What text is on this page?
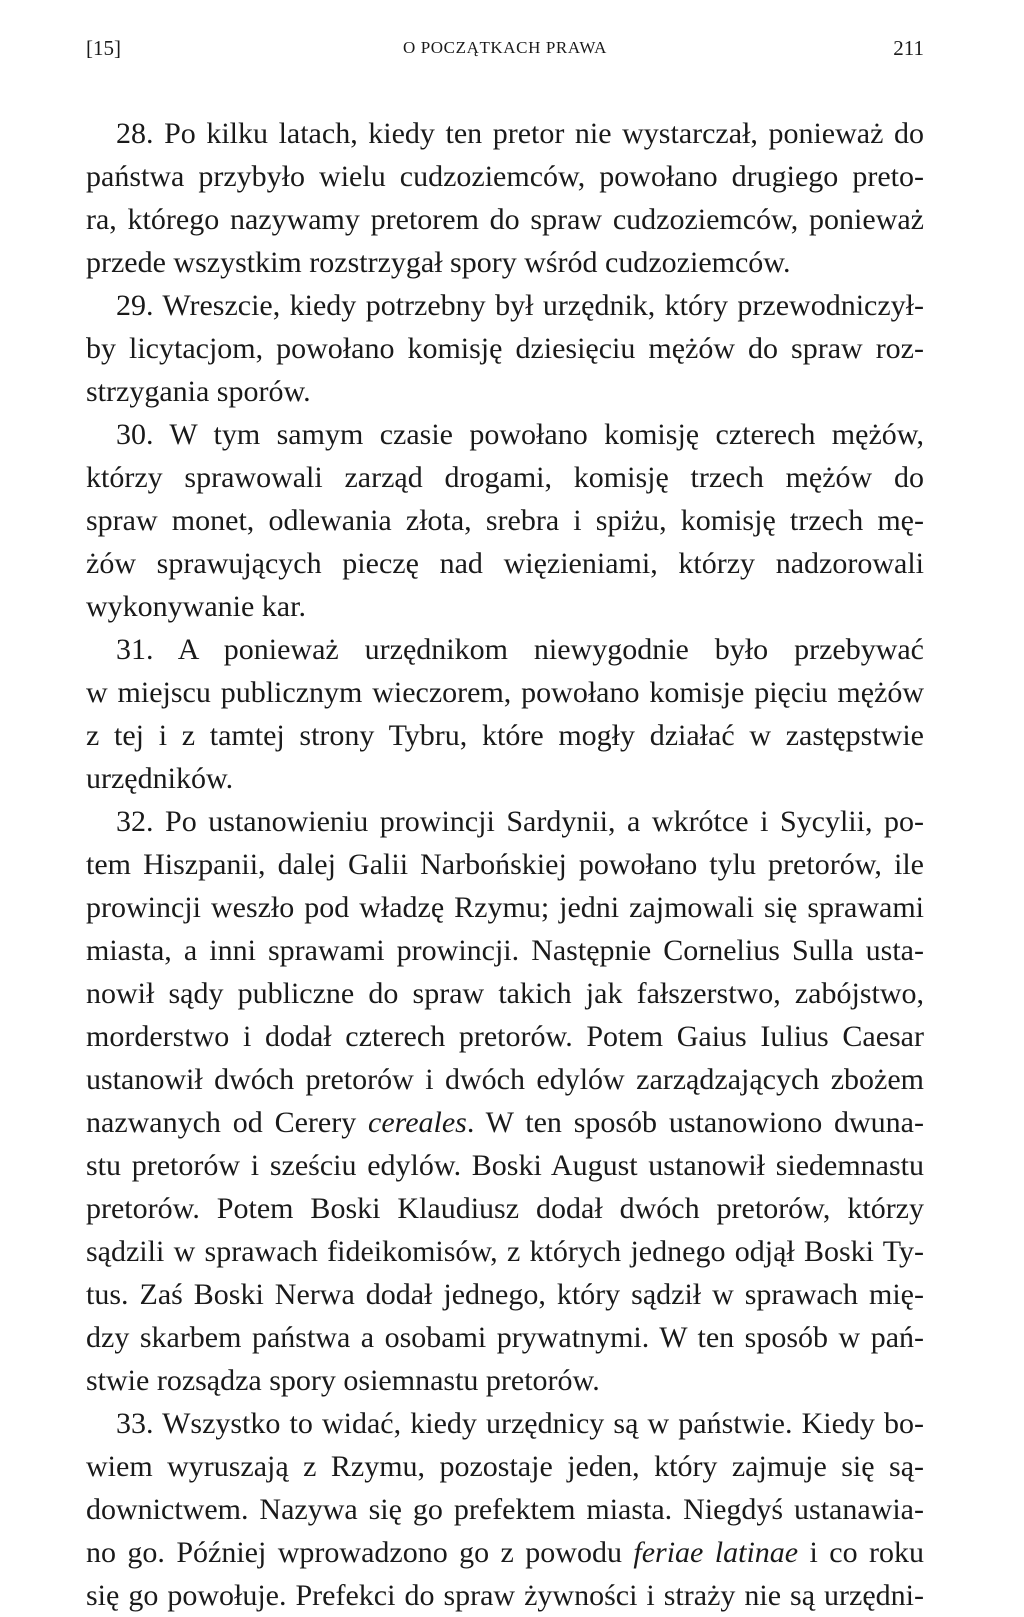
[15]	O POCZĄTKACH PRAWA	211
28. Po kilku latach, kiedy ten pretor nie wystarczał, ponieważ do
państwa przybyło wielu cudzoziemców, powołano drugiego preto-
ra, którego nazywamy pretorem do spraw cudzoziemców, ponieważ
przede wszystkim rozstrzygał spory wśród cudzoziemców.
29. Wreszcie, kiedy potrzebny był urzędnik, który przewodniczył-
by licytacjom, powołano komisję dziesięciu mężów do spraw roz-
strzygania sporów.
30. W tym samym czasie powołano komisję czterech mężów,
którzy sprawowali zarząd drogami, komisję trzech mężów do
spraw monet, odlewania złota, srebra i spiżu, komisję trzech mę-
żów sprawujących pieczę nad więzieniami, którzy nadzorowali
wykonywanie kar.
31. A ponieważ urzędnikom niewygodnie było przebywać
w miejscu publicznym wieczorem, powołano komisje pięciu mężów
z tej i z tamtej strony Tybru, które mogły działać w zastępstwie
urzędników.
32. Po ustanowieniu prowincji Sardynii, a wkrótce i Sycylii, po-
tem Hiszpanii, dalej Galii Narbońskiej powołano tylu pretorów, ile
prowincji weszło pod władzę Rzymu; jedni zajmowali się sprawami
miasta, a inni sprawami prowincji. Następnie Cornelius Sulla usta-
nowił sądy publiczne do spraw takich jak fałszerstwo, zabójstwo,
morderstwo i dodał czterech pretorów. Potem Gaius Iulius Caesar
ustanowił dwóch pretorów i dwóch edylów zarządzających zbożem
nazwanych od Cerery cereales. W ten sposób ustanowiono dwuna-
stu pretorów i sześciu edylów. Boski August ustanowił siedemnastu
pretorów. Potem Boski Klaudiusz dodał dwóch pretorów, którzy
sądzili w sprawach fideikomisów, z których jednego odjął Boski Ty-
tus. Zaś Boski Nerwa dodał jednego, który sądził w sprawach mię-
dzy skarbem państwa a osobami prywatnymi. W ten sposób w pań-
stwie rozsądza spory osiemnastu pretorów.
33. Wszystko to widać, kiedy urzędnicy są w państwie. Kiedy bo-
wiem wyruszają z Rzymu, pozostaje jeden, który zajmuje się są-
downictwem. Nazywa się go prefektem miasta. Niegdyś ustanawia-
no go. Później wprowadzono go z powodu feriae latinae i co roku
się go powołuje. Prefekci do spraw żywności i straży nie są urzędni-
